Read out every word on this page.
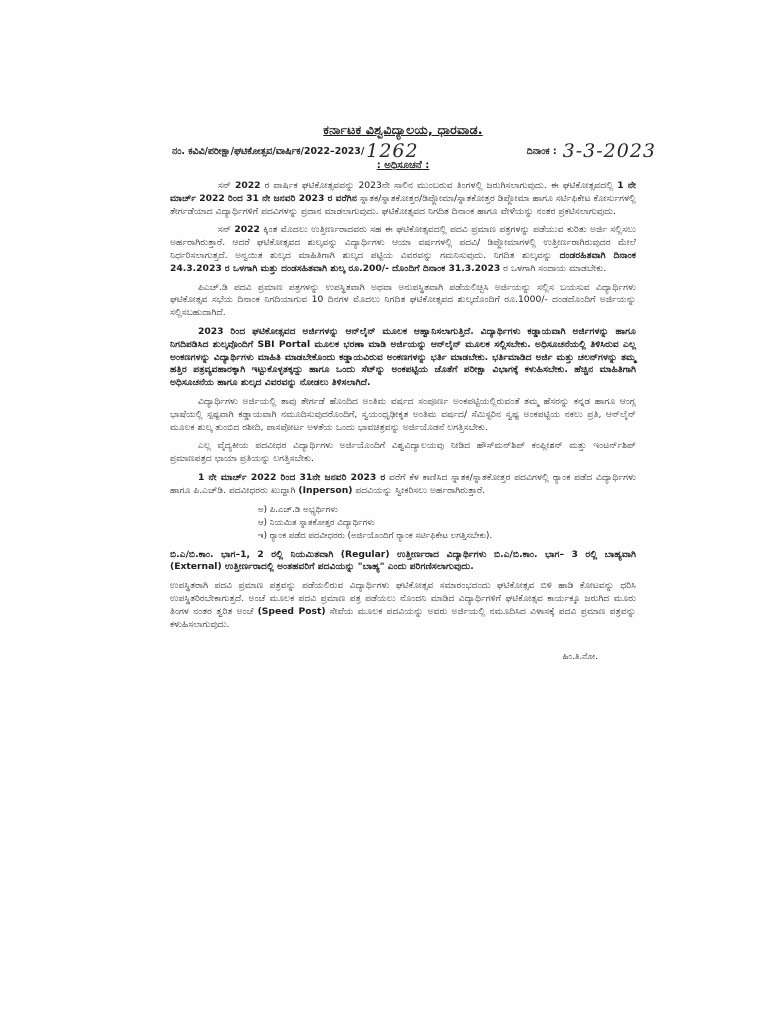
ಕರ್ನಾಟಕ ವಿಶ್ವವಿದ್ಯಾಲಯ, ಧಾರವಾಡ.
ನಂ. ಕವಿವಿ/ಪರೀಕ್ಷಾ/ಘಟಿಕೋತ್ಸವ/ವಾರ್ಷಿಕ/2022–2023/ 1262	ದಿನಾಂಕ : 3-3-2023
: ಅಧಿಸೂಚನೆ :

ಸನ್ 2022 ರ ವಾರ್ಷಿಕ ಘಟಿಕೋತ್ಸವವನ್ನು 2023ನೇ ಸಾಲಿನ ಮುಂಬರುವ ತಿಂಗಳಲ್ಲಿ ಜರುಗಿಸಲಾಗುವುದು. ಈ ಘಟಿಕೋತ್ಸವದಲ್ಲಿ 1 ನೇ ಮಾರ್ಚ್ 2022 ರಿಂದ 31 ನೇ ಜನವರಿ 2023 ರ ವರೆಗಿನ ಸ್ನಾತಕ/ಸ್ನಾತಕೋತ್ತರ/ಡಿಪ್ಲೋಮಾ/ಸ್ನಾತಕೋತ್ತರ ಡಿಪ್ಲೋಮಾ ಹಾಗೂ ಸರ್ಟಿಫಿಕೇಟ ಕೋರ್ಸುಗಳಲ್ಲಿ ತೇರ್ಗಡೆಯಾದ ವಿದ್ಯಾರ್ಥಿಗಳಿಗೆ ಪದವಿಗಳನ್ನು ಪ್ರದಾನ ಮಾಡಲಾಗುವುದು. ಘಟಿಕೋತ್ಸವದ ನಿಗದಿತ ದಿನಾಂಕ ಹಾಗೂ ವೇಳೆಯನ್ನು ನಂತರ ಪ್ರಕಟಿಸಲಾಗುವುದು.

ಸನ್ 2022 ಕ್ಕಿಂತ ಮೊದಲು ಉತ್ತೀರ್ಣರಾದವರು ಸಹ ಈ ಘಟಿಕೋತ್ಸವದಲ್ಲಿ ಪದವಿ ಪ್ರಮಾಣ ಪತ್ರಗಳನ್ನು ಪಡೆಯುವ ಕುರಿತು ಅರ್ಜಿ ಸಲ್ಲಿಸಲು ಅರ್ಹರಾಗಿರುತ್ತಾರೆ. ಆದರೆ ಘಟಿಕೋತ್ಸವದ ಶುಲ್ಕವನ್ನು ವಿದ್ಯಾರ್ಥಿಗಳು ಆಯಾ ವರ್ಷಗಳಲ್ಲಿ ಪದವಿ/ ಡಿಪ್ಲೋಮಾಗಳಲ್ಲಿ ಉತ್ತೀರ್ಣರಾಗಿರುವುದರ ಮೇಲೆ ನಿರ್ಧರಿಸಲಾಗುತ್ತದೆ. ಅನ್ವಯಿತ ಶುಲ್ಕದ ಮಾಹಿತಿಗಾಗಿ ಶುಲ್ಕದ ಪಟ್ಟಿಯ ವಿವರವನ್ನು ಗಮನಿಸುವುದು. ನಿಗದಿತ ಶುಲ್ಕವನ್ನು ದಂಡರಹಿತವಾಗಿ ದಿನಾಂಕ 24.3.2023 ರ ಒಳಗಾಗಿ ಮತ್ತು ದಂಡಸಹಿತವಾಗಿ ಶುಲ್ಕ ರೂ.200/- ದೊಂದಿಗೆ ದಿನಾಂಕ 31.3.2023 ರ ಒಳಗಾಗಿ ಸಂದಾಯ ಮಾಡಬೇಕು.

ಪಿಎಚ್.ಡಿ ಪದವಿ ಪ್ರಮಾಣ ಪತ್ರಗಳನ್ನು ಉಪಸ್ಥಿತವಾಗಿ ಅಥವಾ ಅನುಪಸ್ಥಿತವಾಗಿ ಪಡೆಯಲಿಚ್ಛಿಸಿ ಅರ್ಜಿಯನ್ನು ಸಲ್ಲಿಸ ಬಯಸುವ ವಿದ್ಯಾರ್ಥಿಗಳು ಘಟಿಕೋತ್ಸವ ಸಭೆಯ ದಿನಾಂಕ ನಿಗದಿಯಾಗುವ 10 ದಿನಗಳ ಮೊದಲು ನಿಗದಿತ ಘಟಿಕೋತ್ಸವದ ಶುಲ್ಕದೊಂದಿಗೆ ರೂ.1000/- ದಂಡದೊಂದಿಗೆ ಅರ್ಜಿಯನ್ನು ಸಲ್ಲಿಸಬಹುದಾಗಿದೆ.

2023 ರಿಂದ ಘಟಿಕೋತ್ಸವದ ಅರ್ಜಿಗಳನ್ನು ಆನ್‌ಲೈನ್ ಮೂಲಕ ಆಹ್ವಾನಿಸಲಾಗುತ್ತಿದೆ. ವಿದ್ಯಾರ್ಥಿಗಳು ಕಡ್ಡಾಯವಾಗಿ ಅರ್ಜಿಗಳನ್ನು ಹಾಗೂ ನಿಗದಿಪಡಿಸಿದ ಶುಲ್ಕವೊಂದಿಗೆ SBI Portal ಮೂಲಕ ಭರಣಾ ಮಾಡಿ ಅರ್ಜಿಯನ್ನು ಆನ್‌ಲೈನ್ ಮೂಲಕ ಸಲ್ಲಿಸಬೇಕು. ಅಧಿಸೂಚನೆಯಲ್ಲಿ ತಿಳಿಸಿರುವ ಎಲ್ಲ ಅಂಕಣಗಳನ್ನು ವಿದ್ಯಾರ್ಥಿಗಳು ಮಾಹಿತಿ ಮಾಡಬೇಕೊಂದು ಕಡ್ಡಾಯವಿರುವ ಅಂಕಣಗಳನ್ನು ಭರ್ತಿ ಮಾಡಬೇಕು. ಭರ್ತಿಮಾಡಿದ ಅರ್ಜಿ ಮತ್ತು ಚಲನ್‌ಗಳನ್ನು ತಮ್ಮ ಹತ್ತಿರ ಪತ್ರವ್ಯವಹಾರಕ್ಕಾಗಿ ಇಟ್ಟುಕೊಳ್ಳತಕ್ಕದ್ದು ಹಾಗೂ ಒಂದು ಸೆಟ್‌ನ್ನು ಅಂಕಪಟ್ಟಿಯ ಜೊತೆಗೆ ಪರೀಕ್ಷಾ ವಿಭಾಗಕ್ಕೆ ಕಳುಹಿಸಬೇಕು. ಹೆಚ್ಚಿನ ಮಾಹಿತಿಗಾಗಿ ಅಧಿಸೂಚನೆಯ ಹಾಗೂ ಶುಲ್ಕದ ವಿವರವನ್ನು ನೋಡಲು ತಿಳಿಸಲಾಗಿದೆ.

ವಿದ್ಯಾರ್ಥಿಗಳು ಅರ್ಜಿಯಲ್ಲಿ ತಾವು ತೇರ್ಗಡೆ ಹೊಂದಿದ ಅಂತಿಮ ವರ್ಷದ ಸಂಪೂರ್ಣ ಅಂಕಪಟ್ಟಿಯಲ್ಲಿರುವಂತೆ ತಮ್ಮ ಹೆಸರನ್ನು ಕನ್ನಡ ಹಾಗೂ ಆಂಗ್ಲ ಭಾಷೆಯಲ್ಲಿ ಸ್ಪಷ್ಟವಾಗಿ ಕಡ್ಡಾಯವಾಗಿ ನಮೂದಿಸುವುದರೊಂದಿಗೆ, ಸ್ವಯಂಧೃಢೀಕೃತ ಅಂತಿಮ ವರ್ಷದ/ ಸೆಮಿಸ್ಟರಿನ ಸ್ವಷ್ಟ ಅಂಕಪಟ್ಟಿಯ ನಕಲು ಪ್ರತಿ, ಆನ್‌ಲೈನ್ ಮೂಲಕ ಶುಲ್ಕ ತುಂಬಿದ ರಶೀದಿ, ಪಾಸಪೋರ್ಟ ಅಳತೆಯ ಒಂದು ಭಾವಚಿತ್ರವನ್ನು ಅರ್ಜಿಯೊಡನೆ ಲಗತ್ತಿಸಬೇಕು.

ಎಲ್ಲ ವೈದ್ಯಕೀಯ ಪದವೀಧರ ವಿದ್ಯಾರ್ಥಿಗಳು ಅರ್ಜಿಯೊಂದಿಗೆ ವಿಶ್ವವಿದ್ಯಾಲಯವು ನೀಡಿದ ಹೌಸ್‌ಮನ್‌ಶಿಪ್ ಕಂಪ್ಲೀಶನ್ ಮತ್ತು ಇಂಟರ್ನ್‌ಶಿಪ್ ಪ್ರಮಾಣಪತ್ರದ ಛಾಯಾ ಪ್ರತಿಯನ್ನು ಲಗತ್ತಿಸಬೇಕು.

1 ನೇ ಮಾರ್ಚ್ 2022 ರಿಂದ 31ನೇ ಜನವರಿ 2023 ರ ವರೆಗೆ ಕೆಳ ಕಾಣಿಸಿದ ಸ್ನಾತಕ/ಸ್ನಾತಕೋತ್ತರ ಪದವಿಗಳಲ್ಲಿ ರ್‍ಯಾಂಕ ಪಡೆದ ವಿದ್ಯಾರ್ಥಿಗಳು ಹಾಗೂ ಪಿ.ಎಚ್‌ಡಿ. ಪದವೀಧರರು ಖುದ್ದಾಗಿ (Inperson) ಪದವಿಯನ್ನು ಸ್ವೀಕರಿಸಲು ಅರ್ಹರಾಗಿರುತ್ತಾರೆ.

ಅ) ಪಿ.ಎಚ್.ಡಿ ಅಭ್ಯರ್ಥಿಗಳು
ಆ) ನಿಯಮಿತ ಸ್ನಾತಕೋತ್ತರ ವಿದ್ಯಾರ್ಥಿಗಳು
ಇ) ರ್‍ಯಾಂಕ ಪಡೆದ ಪದವೀಧರರು (ಅರ್ಜಿಯೊಂದಿಗೆ ರ್‍ಯಾಂಕ ಸರ್ಟಿಫಿಕೇಟ ಲಗತ್ತಿಸಬೇಕು).

ಬಿ.ಎ/ಬಿ.ಕಾಂ. ಭಾಗ–1, 2 ರಲ್ಲಿ ನಿಯಮಿತವಾಗಿ (Regular) ಉತ್ತೀರ್ಣರಾದ ವಿದ್ಯಾರ್ಥಿಗಳು ಬಿ.ಎ/ಬಿ.ಕಾಂ. ಭಾಗ– 3 ರಲ್ಲಿ ಬಾಹ್ಯವಾಗಿ (External) ಉತ್ತೀರ್ಣರಾದಲ್ಲಿ ಅಂತಹವರಿಗೆ ಪದವಿಯನ್ನು "ಬಾಹ್ಯ" ಎಂದು ಪರಿಗಣಿಸಲಾಗುವುದು.

ಉಪಸ್ಥಿತರಾಗಿ ಪದವಿ ಪ್ರಮಾಣ ಪತ್ರವನ್ನು ಪಡೆಯಲಿರುವ ವಿದ್ಯಾರ್ಥಿಗಳು ಘಟಿಕೋತ್ಸವ ಸಮಾರಂಭದಂದು ಘಟಿಕೋತ್ಸವ ಬಿಳಿ ಹಾಡಿ ಕೋಟವನ್ನು ಧರಿಸಿ ಉಪಸ್ಥಿತರಿರಬೇಕಾಗುತ್ತದೆ. ಅಂಚೆ ಮೂಲಕ ಪದವಿ ಪ್ರಮಾಣ ಪತ್ರ ಪಡೆಯಲು ನೊಂದನಿ ಮಾಡಿದ ವಿದ್ಯಾರ್ಥಿಗಳಿಗೆ ಘಟಿಕೋತ್ಸವ ಕಾರ್ಯಕ್ಕೂ ಜರುಗಿದ ಮೂರು ತಿಂಗಳ ನಂತರ ತ್ವರಿತ ಅಂಚೆ (Speed Post) ಸೇವೆಯ ಮೂಲಕ ಪದವಿಯನ್ನು ಅವರು ಅರ್ಜಿಯಲ್ಲಿ ನಮೂದಿಸಿದ ವಿಳಾಸಕ್ಕೆ ಪದವಿ ಪ್ರಮಾಣ ಪತ್ರವನ್ನು ಕಳುಹಿಸಲಾಗುವುದು.

ಹಿಂ.ತಿ.ನೋ.
